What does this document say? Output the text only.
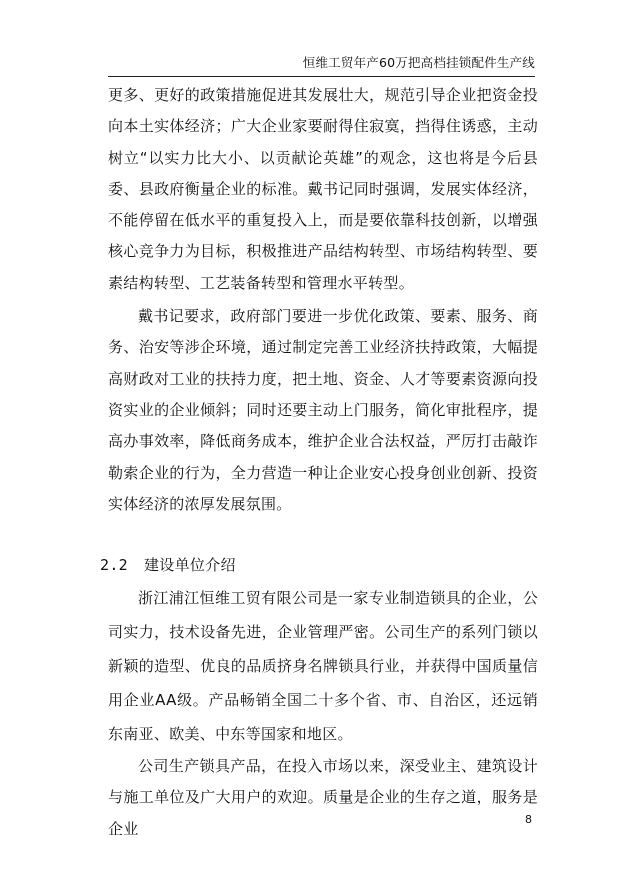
恒维工贸年产60万把高档挂锁配件生产线

更多、更好的政策措施促进其发展壮大，规范引导企业把资金投向本土实体经济；广大企业家要耐得住寂寞，挡得住诱惑，主动树立“以实力比大小、以贡献论英雄”的观念，这也将是今后县委、县政府衡量企业的标准。戴书记同时强调，发展实体经济，不能停留在低水平的重复投入上，而是要依靠科技创新，以增强核心竞争力为目标，积极推进产品结构转型、市场结构转型、要素结构转型、工艺装备转型和管理水平转型。

戴书记要求，政府部门要进一步优化政策、要素、服务、商务、治安等涉企环境，通过制定完善工业经济扶持政策，大幅提高财政对工业的扶持力度，把土地、资金、人才等要素资源向投资实业的企业倾斜；同时还要主动上门服务，简化审批程序，提高办事效率，降低商务成本，维护企业合法权益，严厉打击敲诈勒索企业的行为，全力营造一种让企业安心投身创业创新、投资实体经济的浓厚发展氛围。

2.2 建设单位介绍

浙江浦江恒维工贸有限公司是一家专业制造锁具的企业，公司实力，技术设备先进，企业管理严密。公司生产的系列门锁以新颖的造型、优良的品质挤身名牌锁具行业，并获得中国质量信用企业AA级。产品畅销全国二十多个省、市、自治区，还远销东南亚、欧美、中东等国家和地区。

公司生产锁具产品，在投入市场以来，深受业主、建筑设计与施工单位及广大用户的欢迎。质量是企业的生存之道，服务是企业

8
